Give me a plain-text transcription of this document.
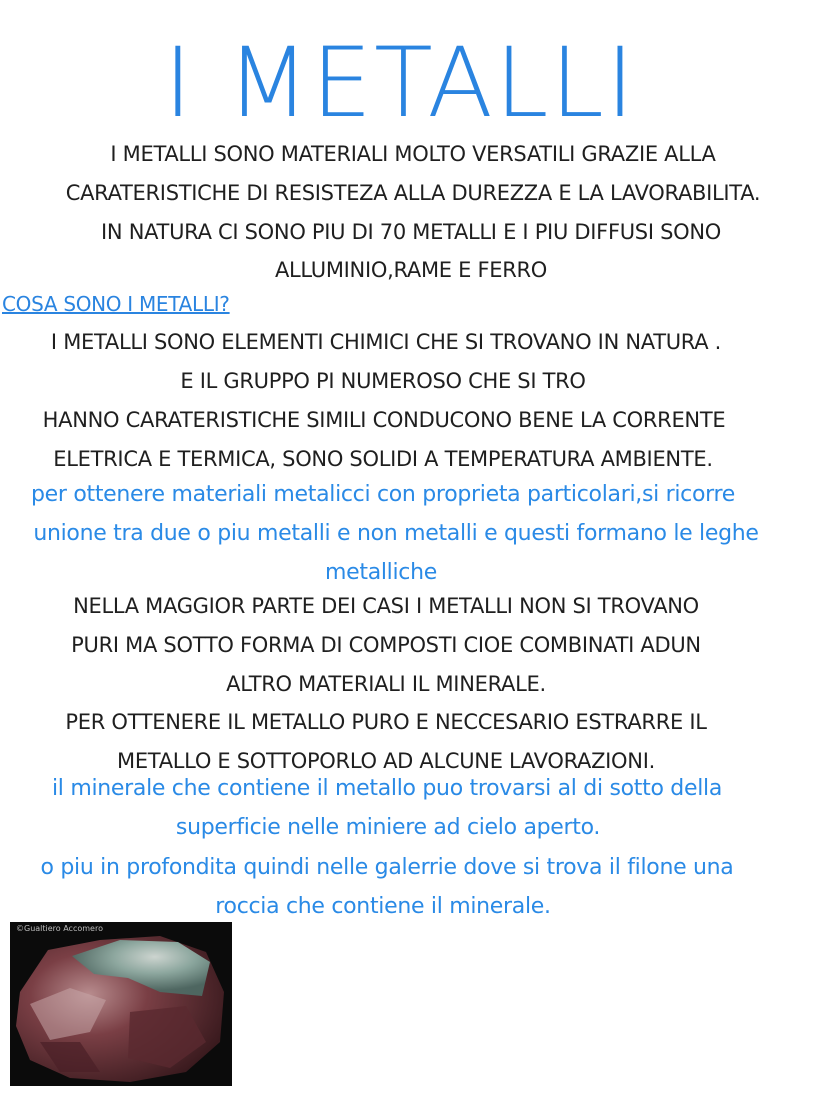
I METALLI
I METALLI SONO MATERIALI MOLTO VERSATILI GRAZIE ALLA
CARATERISTICHE DI RESISTEZA ALLA DUREZZA E LA LAVORABILITA.
IN NATURA CI SONO PIU DI 70 METALLI E I PIU DIFFUSI SONO
ALLUMINIO,RAME E FERRO
COSA SONO I METALLI?
I METALLI SONO ELEMENTI CHIMICI CHE SI TROVANO IN NATURA .
E IL GRUPPO PI NUMEROSO CHE SI TRO
HANNO CARATERISTICHE SIMILI CONDUCONO BENE LA CORRENTE
ELETRICA E TERMICA, SONO SOLIDI A TEMPERATURA AMBIENTE.
per ottenere materiali metalicci con proprieta particolari,si ricorre
unione tra due o piu metalli e non metalli e questi formano le leghe
metalliche
NELLA MAGGIOR PARTE DEI CASI I METALLI NON SI TROVANO
PURI MA SOTTO FORMA DI COMPOSTI CIOE COMBINATI ADUN
ALTRO MATERIALI IL MINERALE.
PER OTTENERE IL METALLO PURO E NECCESARIO ESTRARRE IL
METALLO E SOTTOPORLO AD ALCUNE LAVORAZIONI.
il minerale che contiene il metallo puo trovarsi al di sotto della
superficie nelle miniere ad cielo aperto.
o piu in profondita quindi nelle galerrie dove si trova il filone una
roccia che contiene il minerale.
©Gualtiero Accomero
